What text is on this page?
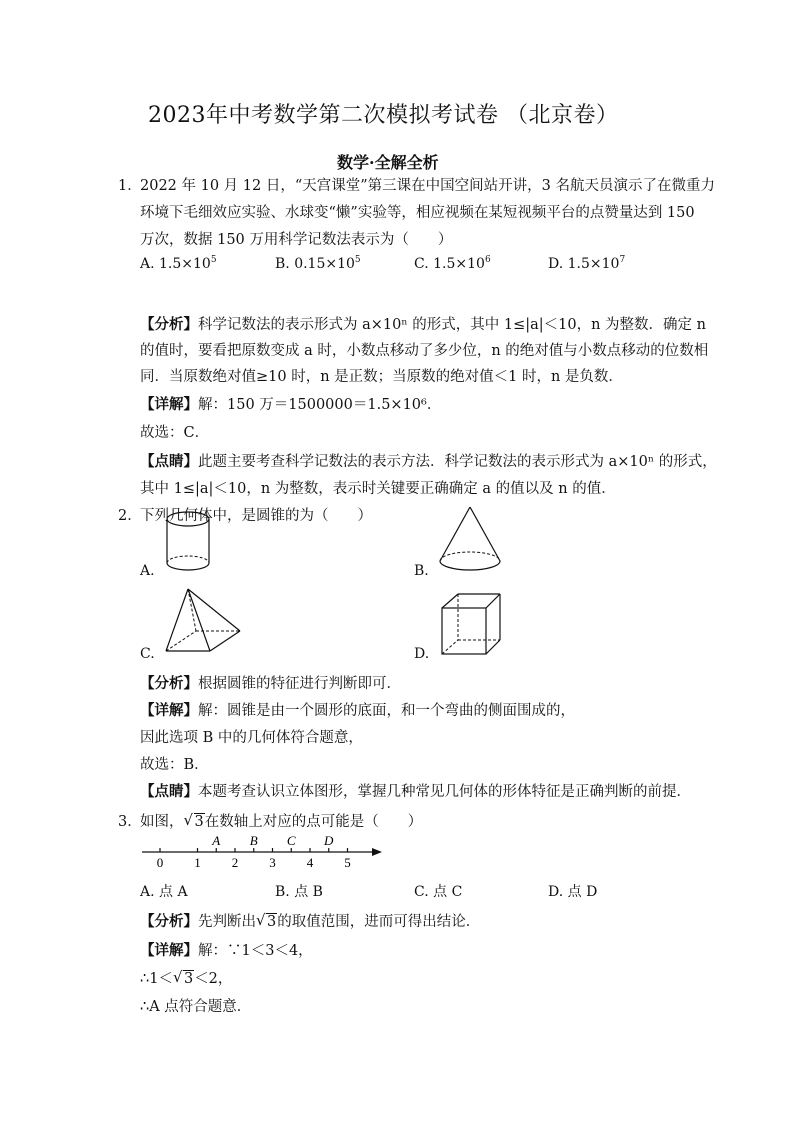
2023年中考数学第二次模拟考试卷 （北京卷）
数学·全解全析
1．
2022 年 10 月 12 日，“天宫课堂”第三课在中国空间站开讲，3 名航天员演示了在微重力
环境下毛细效应实验、水球变“懒”实验等，相应视频在某短视频平台的点赞量达到 150
万次，数据 150 万用科学记数法表示为（　　）
A. $1.5\times 10^5$	B. $0.15\times 10^5$	C. $1.5\times 10^6$	D. $1.5\times 10^7$
【分析】科学记数法的表示形式为 a×10ⁿ 的形式，其中 1≤|a|＜10，n 为整数．确定 n
的值时，要看把原数变成 a 时，小数点移动了多少位，n 的绝对值与小数点移动的位数相
同．当原数绝对值≥10 时，n 是正数；当原数的绝对值＜1 时，n 是负数．
【详解】解：150 万＝1500000＝1.5×10⁶．
故选：C．
【点睛】此题主要考查科学记数法的表示方法．科学记数法的表示形式为 a×10ⁿ 的形式，
其中 1≤|a|＜10，n 为整数，表示时关键要正确确定 a 的值以及 n 的值．
2．
下列几何体中，是圆锥的为（　　）
A.	B.
C.	D.
【分析】根据圆锥的特征进行判断即可．
【详解】解：圆锥是由一个圆形的底面，和一个弯曲的侧面围成的，
因此选项 B 中的几何体符合题意，
故选：B．
【点睛】本题考查认识立体图形，掌握几种常见几何体的形体特征是正确判断的前提．
3．
如图， √ 3在数轴上对应的点可能是（　　）
0 1 2 3 4 5
A B C D
A. 点 A	B. 点 B	C. 点 C	D. 点 D
【分析】先判断出 √ 3的取值范围，进而可得出结论．
【详解】解：∵1＜3＜4，
∴1＜ √ 3＜2，
∴A 点符合题意．
